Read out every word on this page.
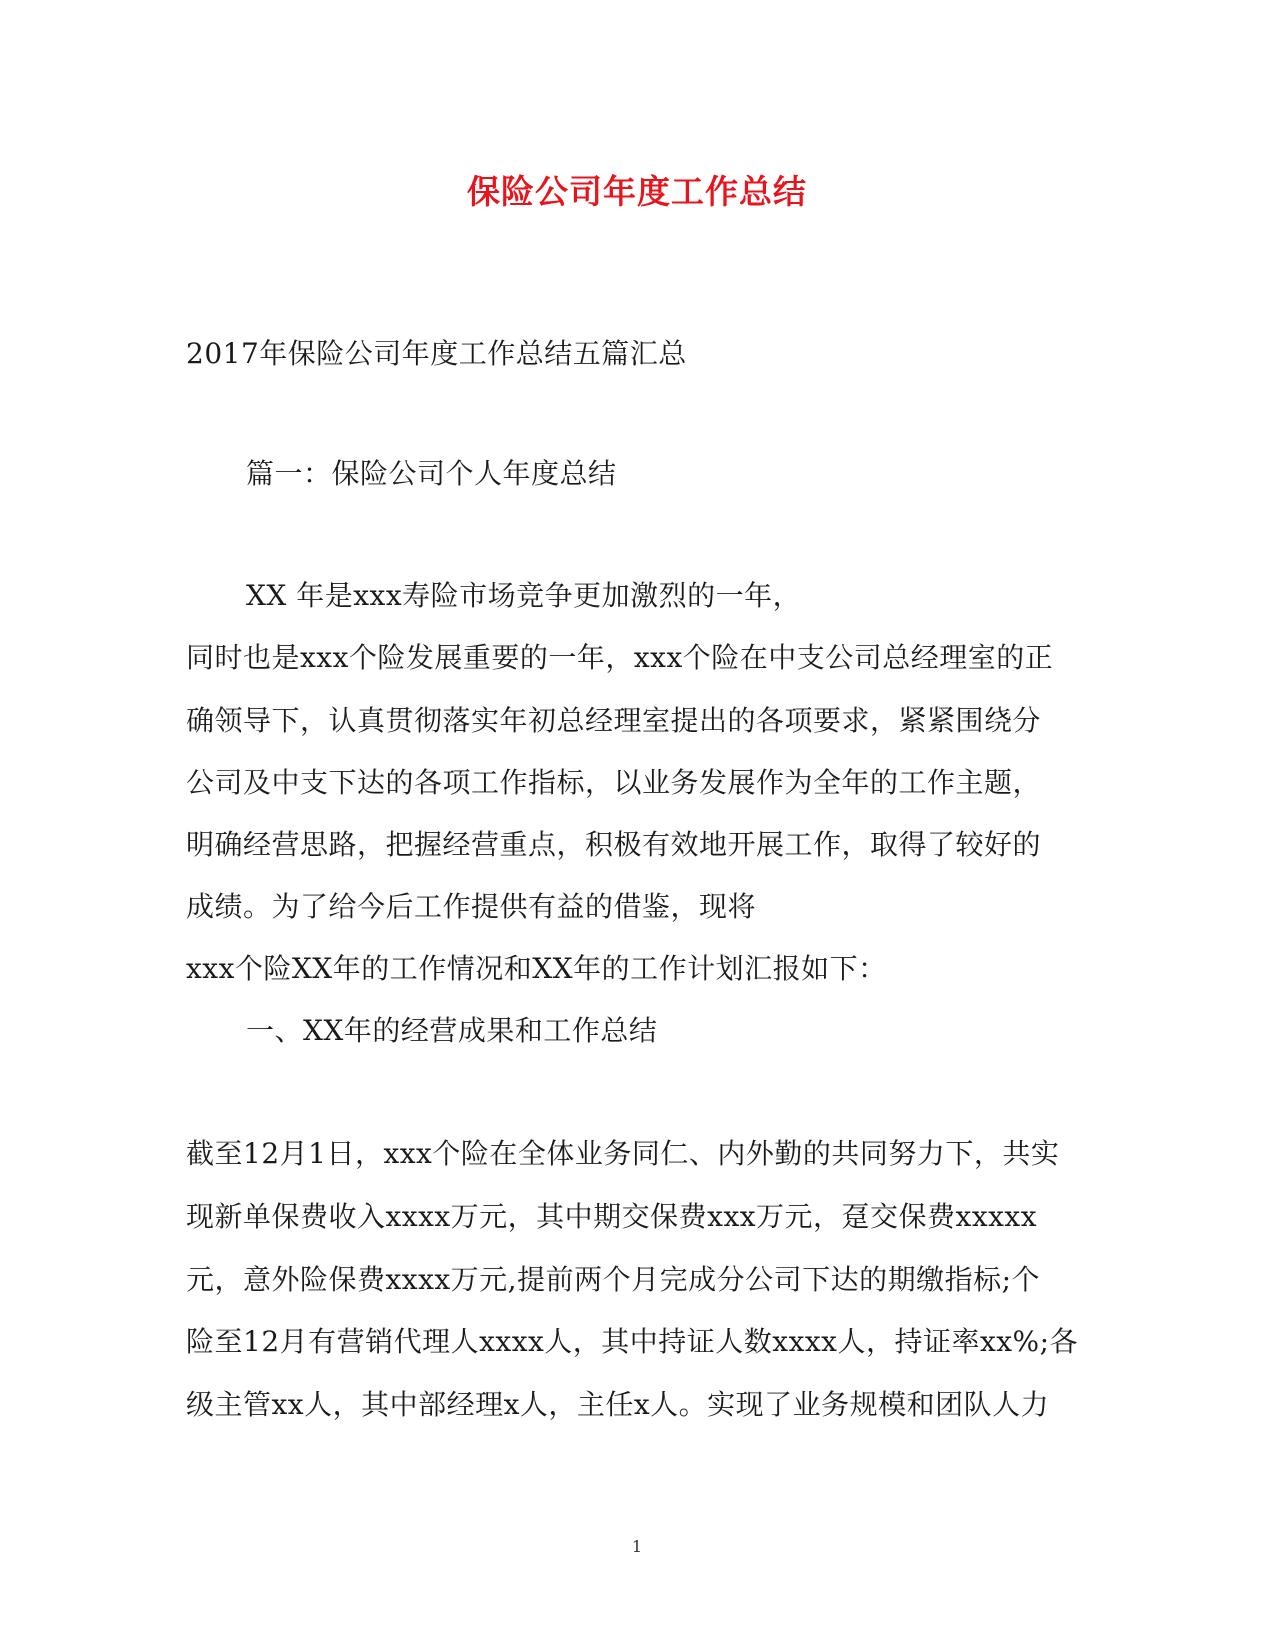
保险公司年度工作总结
2017年保险公司年度工作总结五篇汇总
篇一：保险公司个人年度总结
XX 年是xxx寿险市场竞争更加激烈的一年，
同时也是xxx个险发展重要的一年，xxx个险在中支公司总经理室的正
确领导下，认真贯彻落实年初总经理室提出的各项要求，紧紧围绕分
公司及中支下达的各项工作指标，以业务发展作为全年的工作主题，
明确经营思路，把握经营重点，积极有效地开展工作，取得了较好的
成绩。为了给今后工作提供有益的借鉴，现将
xxx个险XX年的工作情况和XX年的工作计划汇报如下：
一、XX年的经营成果和工作总结
截至12月1日，xxx个险在全体业务同仁、内外勤的共同努力下，共实
现新单保费收入xxxx万元，其中期交保费xxx万元，趸交保费xxxxx
元，意外险保费xxxx万元,提前两个月完成分公司下达的期缴指标;个
险至12月有营销代理人xxxx人，其中持证人数xxxx人，持证率xx%;各
级主管xx人，其中部经理x人，主任x人。实现了业务规模和团队人力
1
